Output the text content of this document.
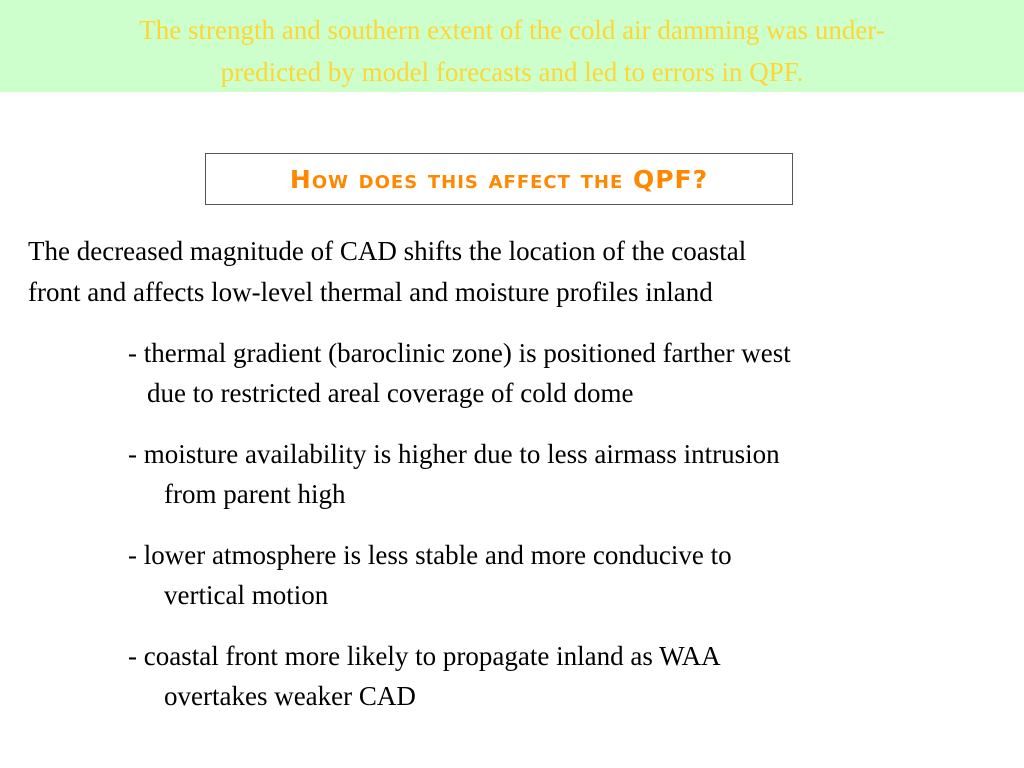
The strength and southern extent of the cold air damming was under-
predicted by model forecasts and led to errors in QPF.
How does this affect the QPF?
The decreased magnitude of CAD shifts the location of the coastal
front and affects low-level thermal and moisture profiles inland
- thermal gradient (baroclinic zone) is positioned farther west
due to restricted areal coverage of cold dome
- moisture availability is higher due to less airmass intrusion
from parent high
- lower atmosphere is less stable and more conducive to
vertical motion
- coastal front more likely to propagate inland as WAA
overtakes weaker CAD
